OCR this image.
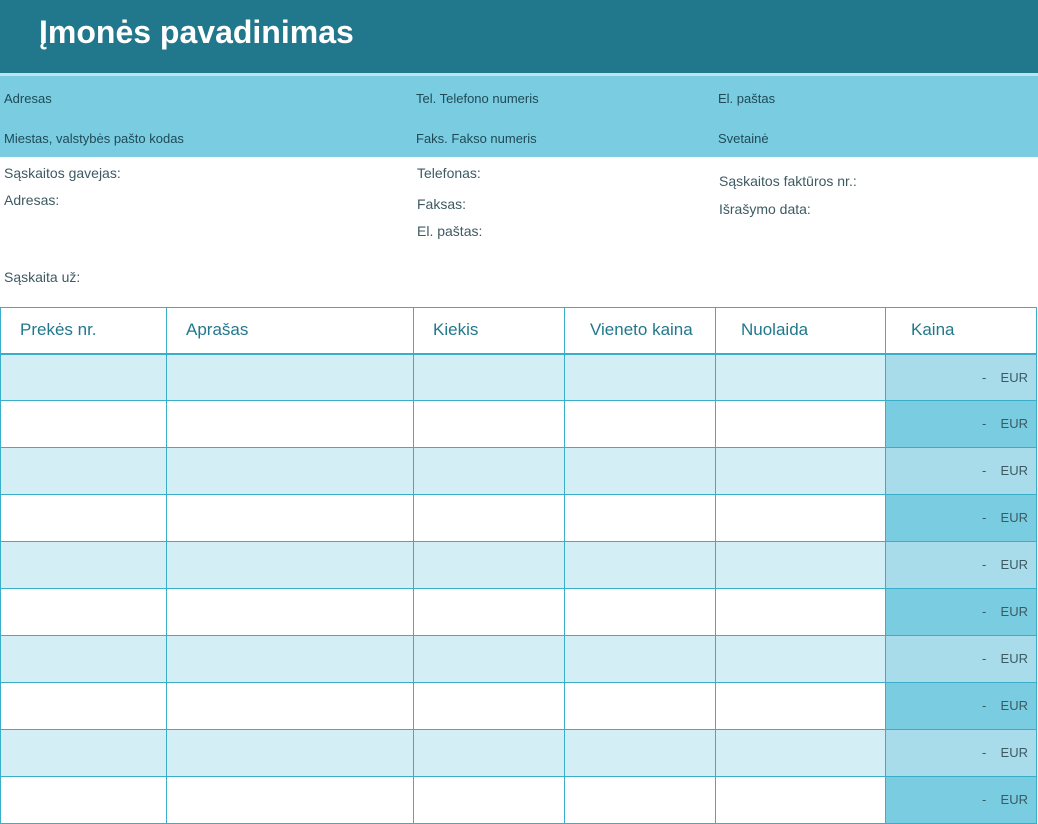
Įmonės pavadinimas
Adresas	Tel. Telefono numeris	El. paštas
Miestas, valstybės pašto kodas	Faks. Fakso numeris	Svetainė
Sąskaitos gavejas:
Adresas:
Telefonas:
Faksas:
El. paštas:
Sąskaitos faktūros nr.:
Išrašymo data:
Sąskaita už:
Prekės nr.	Aprašas	Kiekis	Vieneto kaina	Nuolaida	Kaina

					- EUR

					- EUR

					- EUR

					- EUR

					- EUR

					- EUR

					- EUR

					- EUR

					- EUR

					- EUR
